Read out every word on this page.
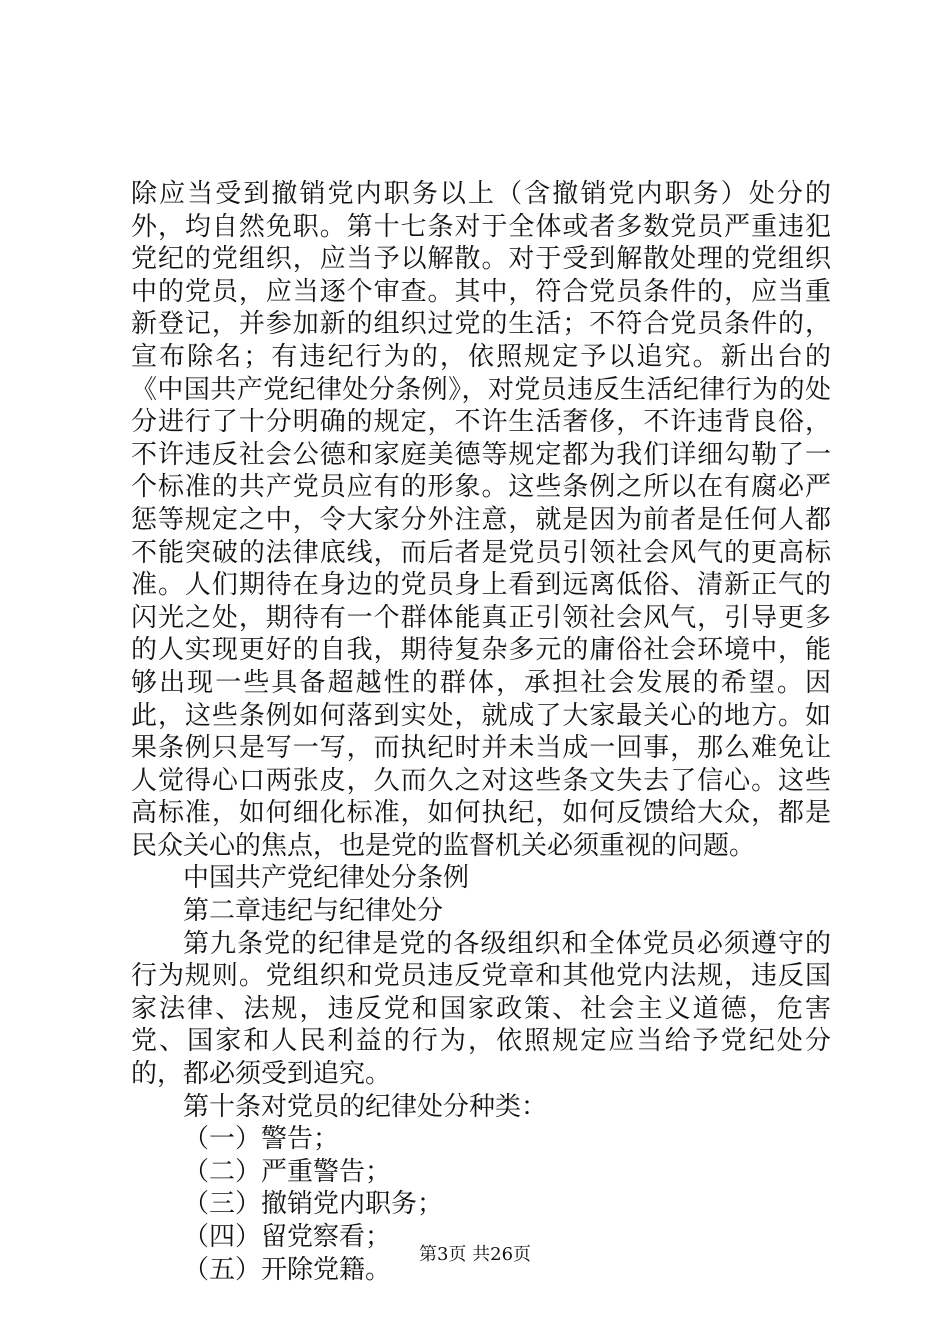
除应当受到撤销党内职务以上（含撤销党内职务）处分的外，均自然免职。第十七条对于全体或者多数党员严重违犯党纪的党组织，应当予以解散。对于受到解散处理的党组织中的党员，应当逐个审查。其中，符合党员条件的，应当重新登记，并参加新的组织过党的生活；不符合党员条件的，宣布除名；有违纪行为的，依照规定予以追究。新出台的《中国共产党纪律处分条例》，对党员违反生活纪律行为的处分进行了十分明确的规定，不许生活奢侈，不许违背良俗，不许违反社会公德和家庭美德等规定都为我们详细勾勒了一个标准的共产党员应有的形象。这些条例之所以在有腐必严惩等规定之中，令大家分外注意，就是因为前者是任何人都不能突破的法律底线，而后者是党员引领社会风气的更高标准。人们期待在身边的党员身上看到远离低俗、清新正气的闪光之处，期待有一个群体能真正引领社会风气，引导更多的人实现更好的自我，期待复杂多元的庸俗社会环境中，能够出现一些具备超越性的群体，承担社会发展的希望。因此，这些条例如何落到实处，就成了大家最关心的地方。如果条例只是写一写，而执纪时并未当成一回事，那么难免让人觉得心口两张皮，久而久之对这些条文失去了信心。这些高标准，如何细化标准，如何执纪，如何反馈给大众，都是民众关心的焦点，也是党的监督机关必须重视的问题。

中国共产党纪律处分条例

第二章违纪与纪律处分

第九条党的纪律是党的各级组织和全体党员必须遵守的行为规则。党组织和党员违反党章和其他党内法规，违反国家法律、法规，违反党和国家政策、社会主义道德，危害党、国家和人民利益的行为，依照规定应当给予党纪处分的，都必须受到追究。

第十条对党员的纪律处分种类：

（一）警告；

（二）严重警告；

（三）撤销党内职务；

（四）留党察看；

（五）开除党籍。

第3页 共26页
